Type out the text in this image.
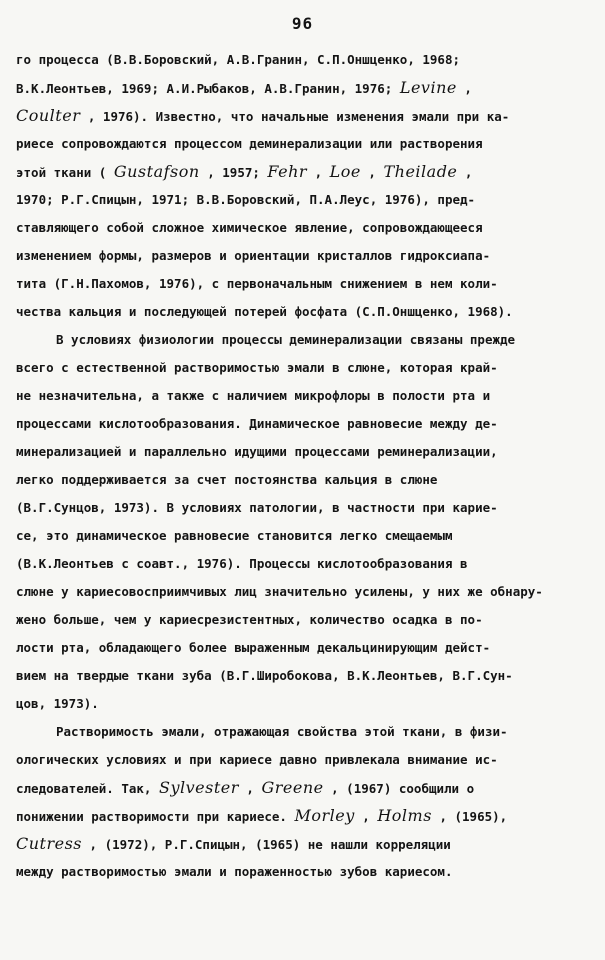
96
го процесса (В.В.Боровский, А.В.Гранин, С.П.Оншценко, 1968;
В.К.Леонтьев, 1969; А.И.Рыбаков, А.В.Гранин, 1976; Levine ,
Coulter , 1976). Известно, что начальные изменения эмали при ка-
риесе сопровождаются процессом деминерализации или растворения
этой ткани ( Gustafson , 1957; Fehr , Loe , Theilade ,
1970; Р.Г.Спицын, 1971; В.В.Боровский, П.А.Леус, 1976), пред-
ставляющего собой сложное химическое явление, сопровождающееся
изменением формы, размеров и ориентации кристаллов гидроксиапа-
тита (Г.Н.Пахомов, 1976), с первоначальным снижением в нем коли-
чества кальция и последующей потерей фосфата (С.П.Оншценко, 1968).
В условиях физиологии процессы деминерализации связаны прежде
всего с естественной растворимостью эмали в слюне, которая край-
не незначительна, а также с наличием микрофлоры в полости рта и
процессами кислотообразования. Динамическое равновесие между де-
минерализацией и параллельно идущими процессами реминерализации,
легко поддерживается за счет постоянства кальция в слюне
(В.Г.Сунцов, 1973). В условиях патологии, в частности при кариe-
се, это динамическое равновесие становится легко смещаемым
(В.К.Леонтьев с соавт., 1976). Процессы кислотообразования в
слюне у кариесовосприимчивых лиц значительно усилены, у них же обнару-
жено больше, чем у кариесрезистентных, количество осадка в по-
лости рта, обладающего более выраженным декальцинирующим дейст-
вием на твердые ткани зуба (В.Г.Широбокова, В.К.Леонтьев, В.Г.Сун-
цов, 1973).
Растворимость эмали, отражающая свойства этой ткани, в физи-
ологических условиях и при кариесе давно привлекала внимание ис-
следователей. Так, Sylvester , Greene , (1967) сообщили о
понижении растворимости при кариесе. Morley , Holms , (1965),
Cutress , (1972), Р.Г.Спицын, (1965) не нашли корреляции
между растворимостью эмали и пораженностью зубов кариесом.
